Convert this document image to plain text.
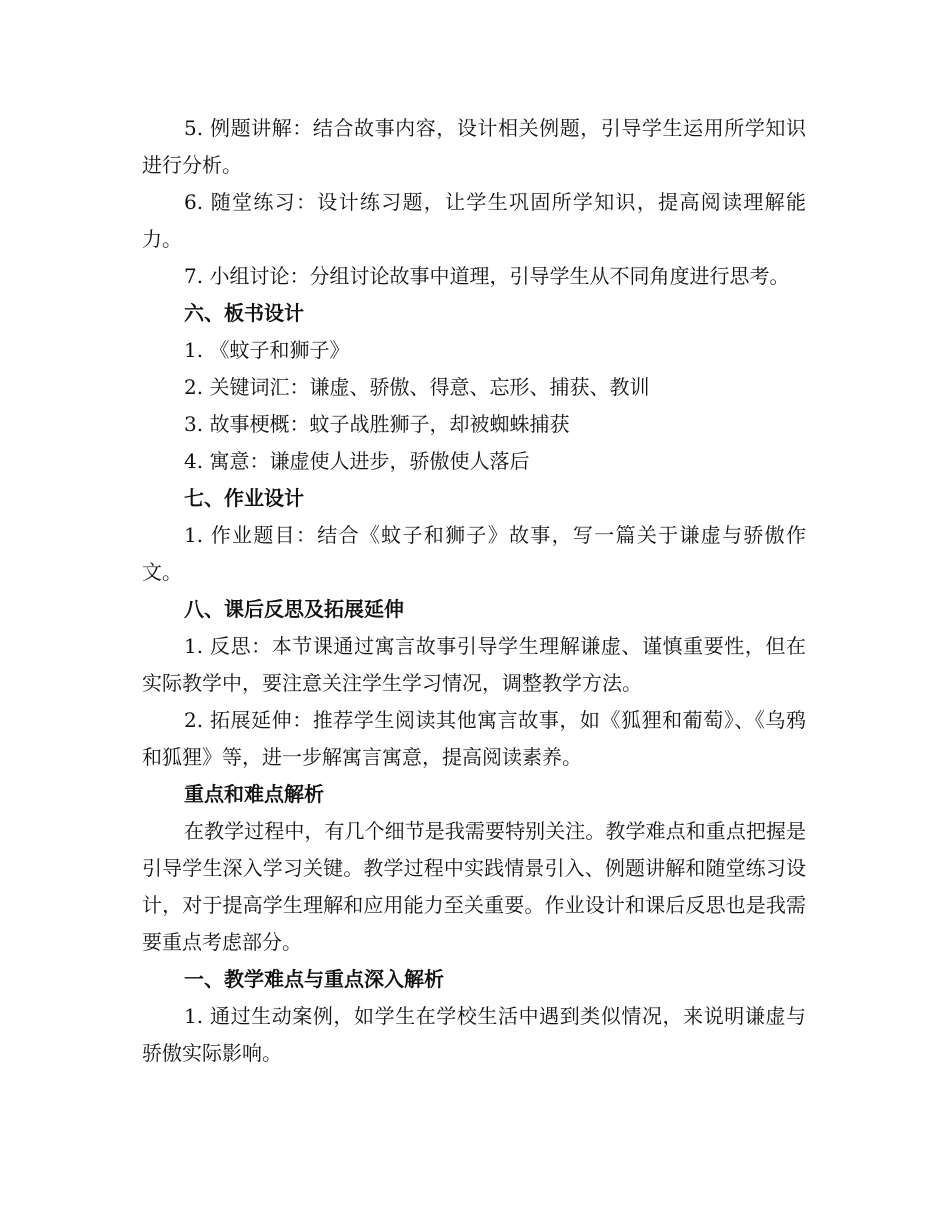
5. 例题讲解：结合故事内容，设计相关例题，引导学生运用所学知识进行分析。

6. 随堂练习：设计练习题，让学生巩固所学知识，提高阅读理解能力。

7. 小组讨论：分组讨论故事中道理，引导学生从不同角度进行思考。

六、板书设计

1. 《蚊子和狮子》

2. 关键词汇：谦虚、骄傲、得意、忘形、捕获、教训

3. 故事梗概：蚊子战胜狮子，却被蜘蛛捕获

4. 寓意：谦虚使人进步，骄傲使人落后

七、作业设计

1. 作业题目：结合《蚊子和狮子》故事，写一篇关于谦虚与骄傲作文。

八、课后反思及拓展延伸

1. 反思：本节课通过寓言故事引导学生理解谦虚、谨慎重要性，但在实际教学中，要注意关注学生学习情况，调整教学方法。

2. 拓展延伸：推荐学生阅读其他寓言故事，如《狐狸和葡萄》、《乌鸦和狐狸》等，进一步解寓言寓意，提高阅读素养。

重点和难点解析

在教学过程中，有几个细节是我需要特别关注。教学难点和重点把握是引导学生深入学习关键。教学过程中实践情景引入、例题讲解和随堂练习设计，对于提高学生理解和应用能力至关重要。作业设计和课后反思也是我需要重点考虑部分。

一、教学难点与重点深入解析

1. 通过生动案例，如学生在学校生活中遇到类似情况，来说明谦虚与骄傲实际影响。
